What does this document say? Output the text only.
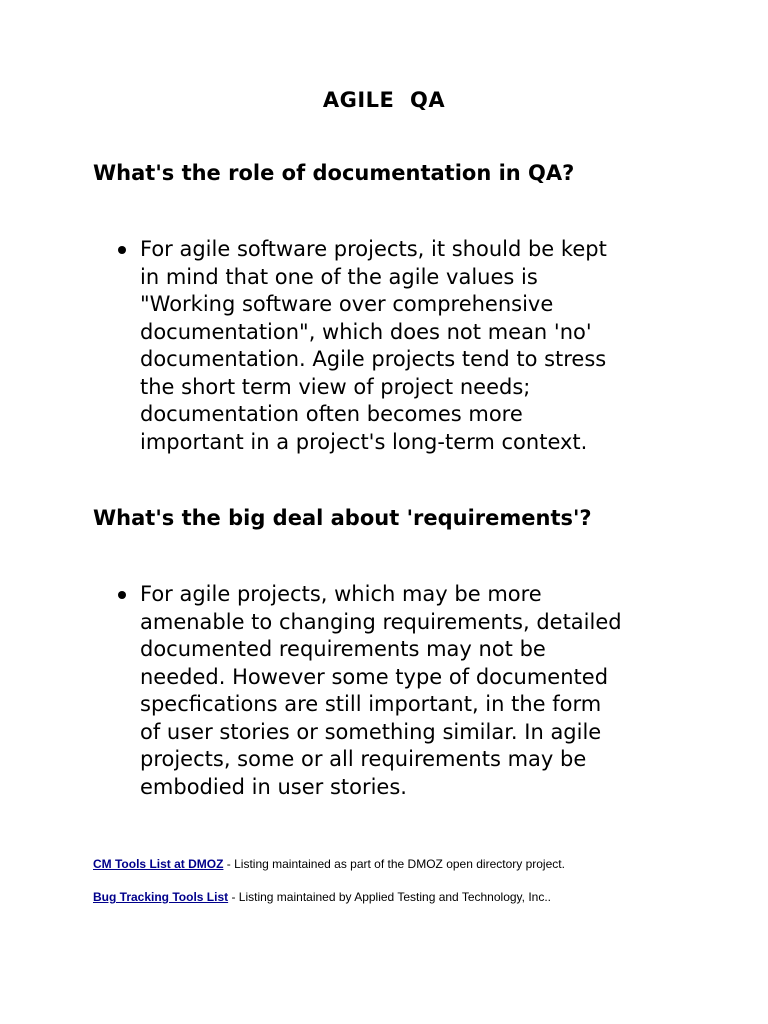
AGILE  QA
What's the role of documentation in QA?
For agile software projects, it should be kept
in mind that one of the agile values is
"Working software over comprehensive
documentation", which does not mean 'no'
documentation. Agile projects tend to stress
the short term view of project needs;
documentation often becomes more
important in a project's long-term context.
What's the big deal about 'requirements'?
For agile projects, which may be more
amenable to changing requirements, detailed
documented requirements may not be
needed. However some type of documented
specfications are still important, in the form
of user stories or something similar. In agile
projects, some or all requirements may be
embodied in user stories.
CM Tools List at DMOZ - Listing maintained as part of the DMOZ open directory project.
Bug Tracking Tools List - Listing maintained by Applied Testing and Technology, Inc..
